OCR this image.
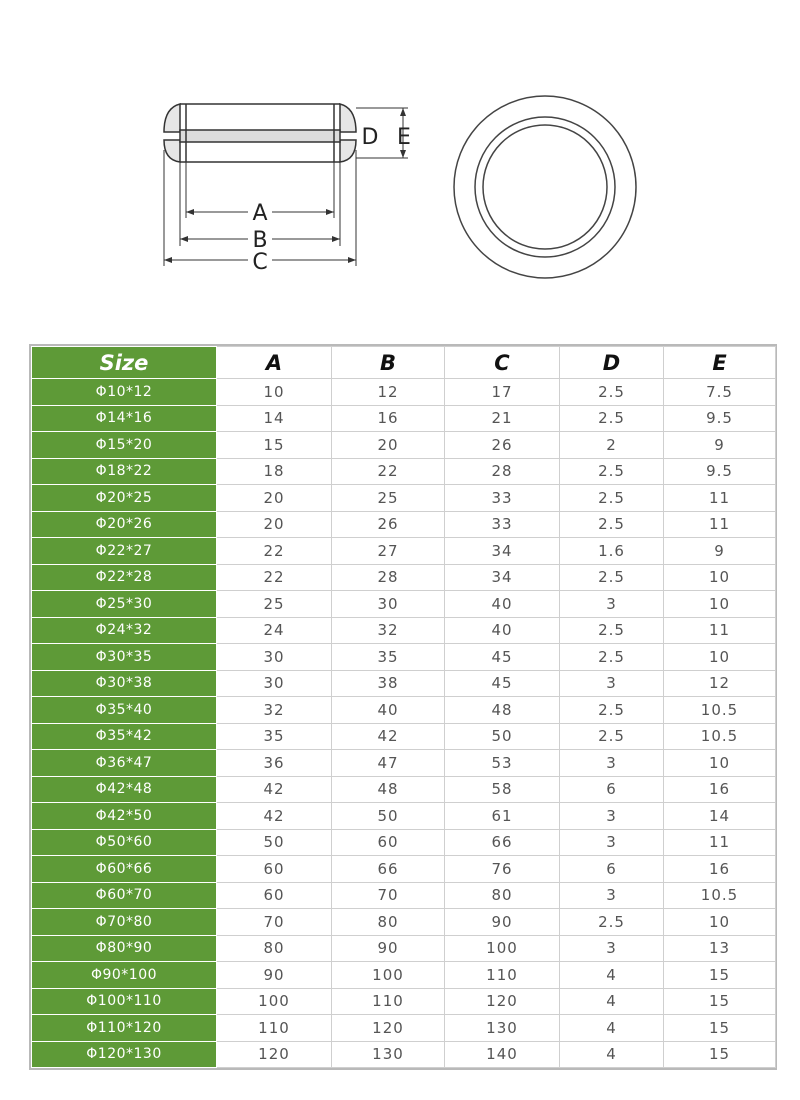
A
B
C
D E
Size	A	B	C	D	E
Φ10*12	10	12	17	2.5	7.5
Φ14*16	14	16	21	2.5	9.5
Φ15*20	15	20	26	2	9
Φ18*22	18	22	28	2.5	9.5
Φ20*25	20	25	33	2.5	11
Φ20*26	20	26	33	2.5	11
Φ22*27	22	27	34	1.6	9
Φ22*28	22	28	34	2.5	10
Φ25*30	25	30	40	3	10
Φ24*32	24	32	40	2.5	11
Φ30*35	30	35	45	2.5	10
Φ30*38	30	38	45	3	12
Φ35*40	32	40	48	2.5	10.5
Φ35*42	35	42	50	2.5	10.5
Φ36*47	36	47	53	3	10
Φ42*48	42	48	58	6	16
Φ42*50	42	50	61	3	14
Φ50*60	50	60	66	3	11
Φ60*66	60	66	76	6	16
Φ60*70	60	70	80	3	10.5
Φ70*80	70	80	90	2.5	10
Φ80*90	80	90	100	3	13
Φ90*100	90	100	110	4	15
Φ100*110	100	110	120	4	15
Φ110*120	110	120	130	4	15
Φ120*130	120	130	140	4	15
